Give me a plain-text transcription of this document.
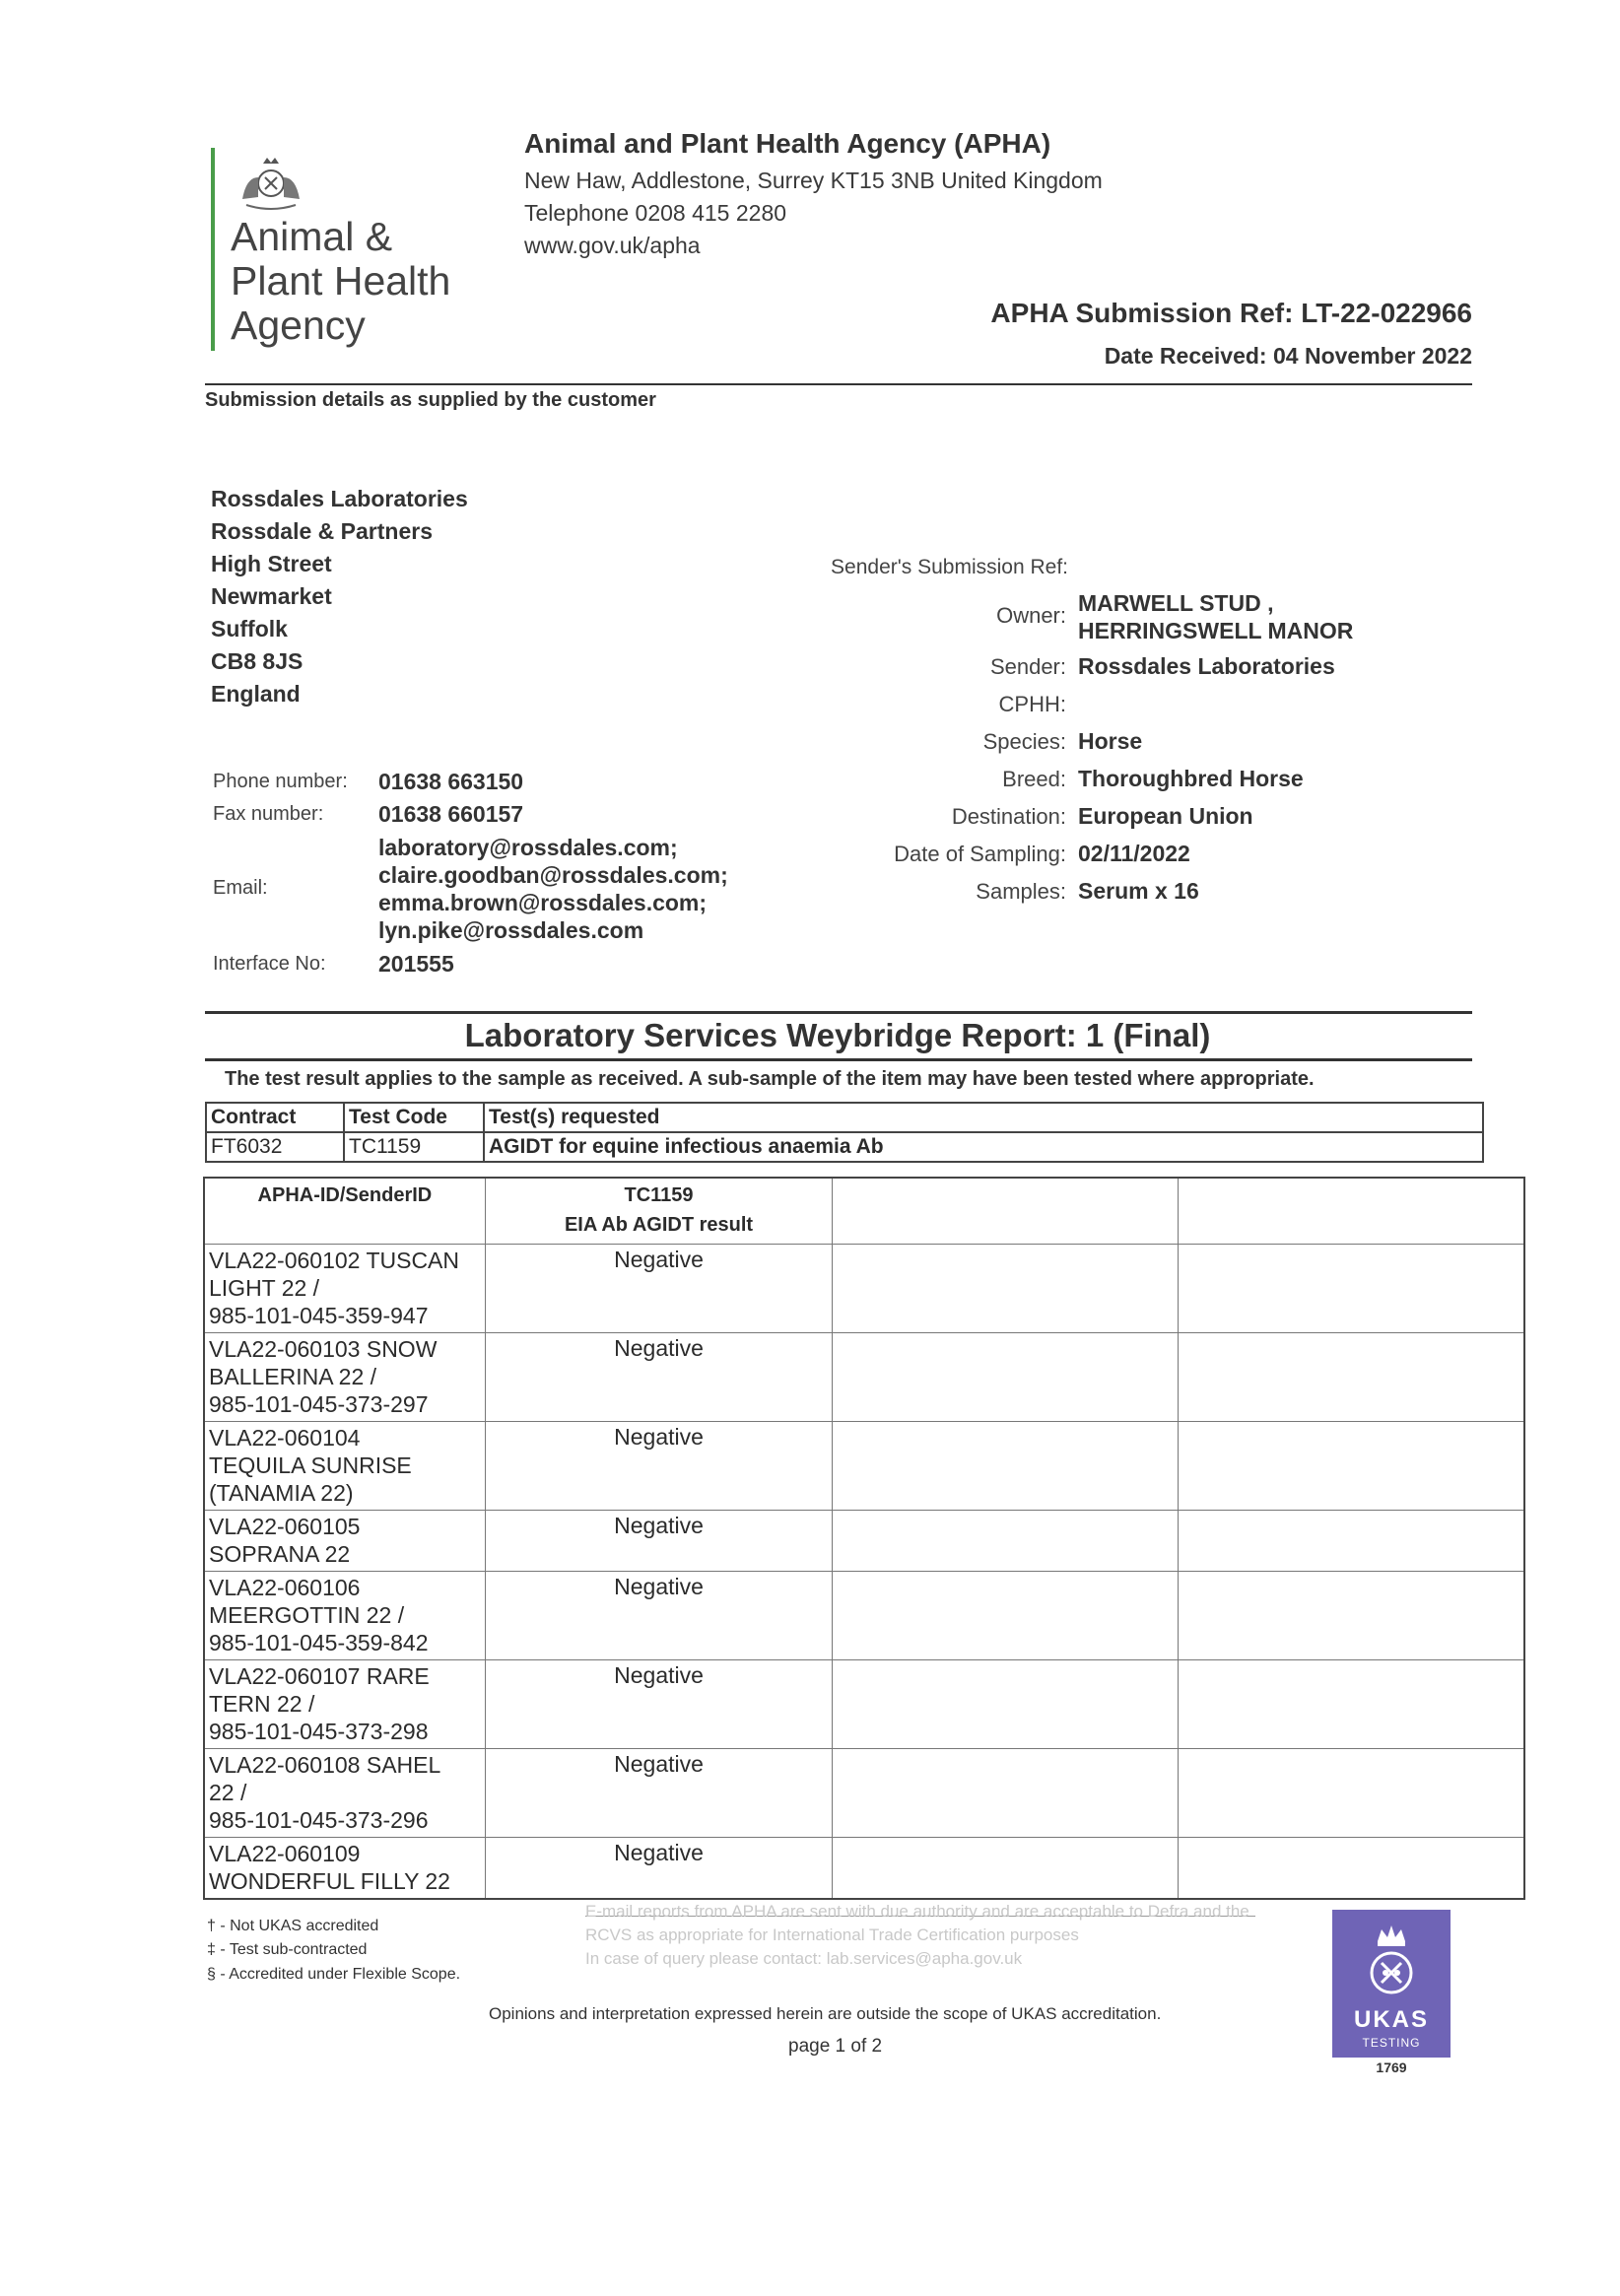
Animal &
Plant Health
Agency
Animal and Plant Health Agency (APHA)
New Haw, Addlestone, Surrey KT15 3NB United Kingdom
Telephone 0208 415 2280
www.gov.uk/apha
APHA Submission Ref: LT-22-022966
Date Received: 04 November 2022
Submission details as supplied by the customer
Rossdales Laboratories
Rossdale & Partners
High Street
Newmarket
Suffolk
CB8 8JS
England
Phone number: 01638 663150
Fax number: 01638 660157
Email:
laboratory@rossdales.com;
claire.goodban@rossdales.com;
emma.brown@rossdales.com;
lyn.pike@rossdales.com
Interface No: 201555
Sender's Submission Ref:
Owner: MARWELL STUD ,
HERRINGSWELL MANOR
Sender: Rossdales Laboratories
CPHH:
Species: Horse
Breed: Thoroughbred Horse
Destination: European Union
Date of Sampling: 02/11/2022
Samples: Serum x 16
Laboratory Services Weybridge Report: 1 (Final)
The test result applies to the sample as received. A sub-sample of the item may have been tested where appropriate.
Contract	Test Code	Test(s) requested
FT6032	TC1159	AGIDT for equine infectious anaemia Ab
APHA-ID/SenderID	TC1159
EIA Ab AGIDT result		

VLA22-060102 TUSCAN
LIGHT 22 /
985-101-045-359-947	Negative		

VLA22-060103 SNOW
BALLERINA 22 /
985-101-045-373-297	Negative		

VLA22-060104
TEQUILA SUNRISE
(TANAMIA 22)	Negative		

VLA22-060105
SOPRANA 22	Negative		

VLA22-060106
MEERGOTTIN 22 /
985-101-045-359-842	Negative		

VLA22-060107 RARE
TERN 22 /
985-101-045-373-298	Negative		

VLA22-060108 SAHEL
22 /
985-101-045-373-296	Negative		

VLA22-060109
WONDERFUL FILLY 22	Negative		
† - Not UKAS accredited
‡ - Test sub-contracted
§ - Accredited under Flexible Scope.
E-mail reports from APHA are sent with due authority and are acceptable to Defra and the RCVS as appropriate for International Trade Certification purposes
In case of query please contact: lab.services@apha.gov.uk
Opinions and interpretation expressed herein are outside the scope of UKAS accreditation.
page 1 of 2
UKAS
TESTING
1769
